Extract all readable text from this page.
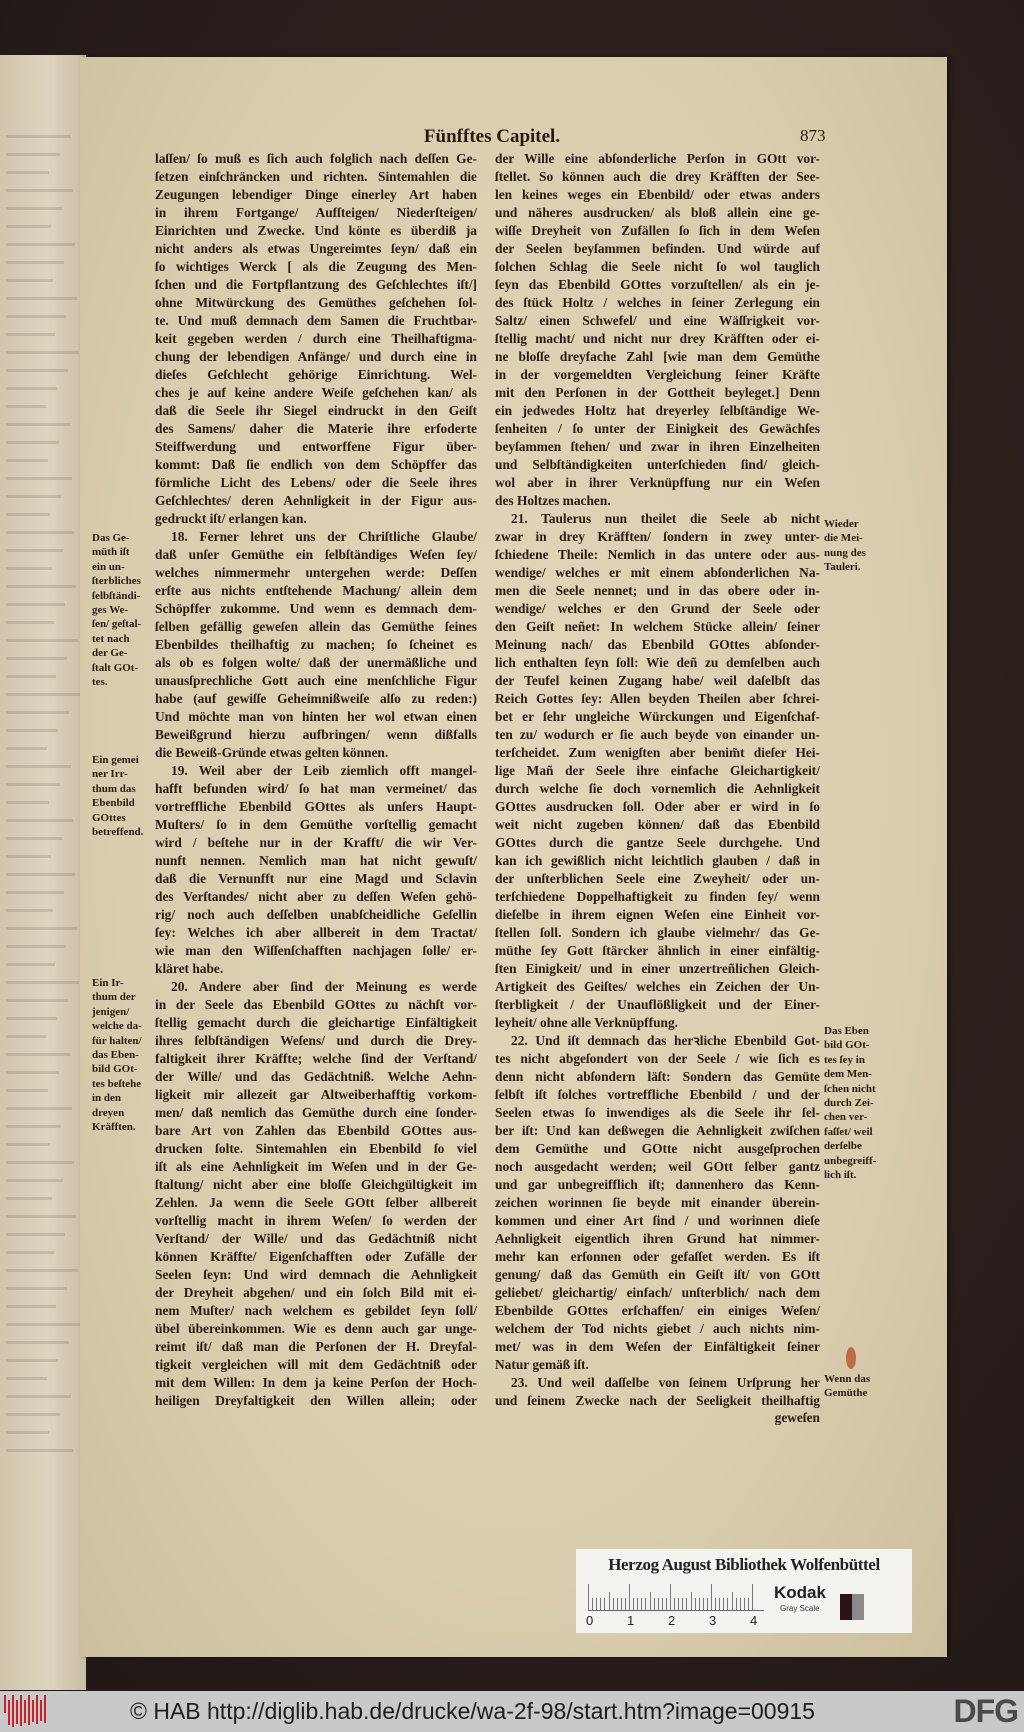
Fünfftes Capitel.	873
laſſen/ ſo muß es ſich auch folglich nach deſſen Ge-
ſetzen einſchräncken und richten. Sintemahlen die
Zeugungen lebendiger Dinge einerley Art haben
in ihrem Fortgange/ Aufſteigen/ Niederſteigen/
Einrichten und Zwecke. Und könte es überdiß ja
nicht anders als etwas Ungereimtes ſeyn/ daß ein
ſo wichtiges Werck [ als die Zeugung des Men-
ſchen und die Fortpflantzung des Geſchlechtes iſt/]
ohne Mitwürckung des Gemüthes geſchehen ſol-
te. Und muß demnach dem Samen die Fruchtbar-
keit gegeben werden / durch eine Theilhaftigma-
chung der lebendigen Anfänge/ und durch eine in
dieſes Geſchlecht gehörige Einrichtung. Wel-
ches je auf keine andere Weiſe geſchehen kan/ als
daß die Seele ihr Siegel eindruckt in den Geiſt
des Samens/ daher die Materie ihre erfoderte
Steiffwerdung und entworffene Figur über-
kommt: Daß ſie endlich von dem Schöpffer das
förmliche Licht des Lebens/ oder die Seele ihres
Geſchlechtes/ deren Aehnligkeit in der Figur aus-
gedruckt iſt/ erlangen kan.
18. Ferner lehret uns der Chriſtliche Glaube/
daß unſer Gemüthe ein ſelbſtändiges Weſen ſey/
welches nimmermehr untergehen werde: Deſſen
erſte aus nichts entſtehende Machung/ allein dem
Schöpffer zukomme. Und wenn es demnach dem-
ſelben gefällig geweſen allein das Gemüthe ſeines
Ebenbildes theilhaftig zu machen; ſo ſcheinet es
als ob es folgen wolte/ daß der unermäßliche und
unausſprechliche Gott auch eine menſchliche Figur
habe (auf gewiſſe Geheimnißweiſe alſo zu reden:)
Und möchte man von hinten her wol etwan einen
Beweißgrund hierzu aufbringen/ wenn dißfalls
die Beweiß-Gründe etwas gelten können.
19. Weil aber der Leib ziemlich offt mangel-
hafft befunden wird/ ſo hat man vermeinet/ das
vortreffliche Ebenbild GOttes als unſers Haupt-
Muſters/ ſo in dem Gemüthe vorſtellig gemacht
wird / beſtehe nur in der Krafft/ die wir Ver-
nunft nennen. Nemlich man hat nicht gewuſt/
daß die Vernunfft nur eine Magd und Sclavin
des Verſtandes/ nicht aber zu deſſen Weſen gehö-
rig/ noch auch deſſelben unabſcheidliche Geſellin
ſey: Welches ich aber allbereit in dem Tractat/
wie man den Wiſſenſchafften nachjagen ſolle/ er-
kläret habe.
20. Andere aber ſind der Meinung es werde
in der Seele das Ebenbild GOttes zu nächſt vor-
ſtellig gemacht durch die gleichartige Einfältigkeit
ihres ſelbſtändigen Weſens/ und durch die Drey-
faltigkeit ihrer Kräffte; welche ſind der Verſtand/
der Wille/ und das Gedächtniß. Welche Aehn-
ligkeit mir allezeit gar Altweiberhafftig vorkom-
men/ daß nemlich das Gemüthe durch eine ſonder-
bare Art von Zahlen das Ebenbild GOttes aus-
drucken ſolte. Sintemahlen ein Ebenbild ſo viel
iſt als eine Aehnligkeit im Weſen und in der Ge-
ſtaltung/ nicht aber eine bloſſe Gleichgültigkeit im
Zehlen. Ja wenn die Seele GOtt ſelber allbereit
vorſtellig macht in ihrem Weſen/ ſo werden der
Verſtand/ der Wille/ und das Gedächtniß nicht
können Kräffte/ Eigenſchafften oder Zufälle der
Seelen ſeyn: Und wird demnach die Aehnligkeit
der Dreyheit abgehen/ und ein ſolch Bild mit ei-
nem Muſter/ nach welchem es gebildet ſeyn ſoll/
übel übereinkommen. Wie es denn auch gar unge-
reimt iſt/ daß man die Perſonen der H. Dreyfal-
tigkeit vergleichen will mit dem Gedächtniß oder
mit dem Willen: In dem ja keine Perſon der Hoch-
heiligen Dreyfaltigkeit den Willen allein; oder
der Wille eine abſonderliche Perſon in GOtt vor-
ſtellet. So können auch die drey Kräfften der See-
len keines weges ein Ebenbild/ oder etwas anders
und näheres ausdrucken/ als bloß allein eine ge-
wiſſe Dreyheit von Zufällen ſo ſich in dem Weſen
der Seelen beyſammen befinden. Und würde auf
ſolchen Schlag die Seele nicht ſo wol tauglich
ſeyn das Ebenbild GOttes vorzuſtellen/ als ein je-
des ſtück Holtz / welches in ſeiner Zerlegung ein
Saltz/ einen Schwefel/ und eine Wäſſrigkeit vor-
ſtellig macht/ und nicht nur drey Kräfften oder ei-
ne bloſſe dreyfache Zahl [wie man dem Gemüthe
in der vorgemeldten Vergleichung ſeiner Kräfte
mit den Perſonen in der Gottheit beyleget.] Denn
ein jedwedes Holtz hat dreyerley ſelbſtändige We-
ſenheiten / ſo unter der Einigkeit des Gewächſes
beyſammen ſtehen/ und zwar in ihren Einzelheiten
und Selbſtändigkeiten unterſchieden ſind/ gleich-
wol aber in ihrer Verknüpffung nur ein Weſen
des Holtzes machen.
21. Taulerus nun theilet die Seele ab nicht
zwar in drey Kräfften/ ſondern in zwey unter-
ſchiedene Theile: Nemlich in das untere oder aus-
wendige/ welches er mit einem abſonderlichen Na-
men die Seele nennet; und in das obere oder in-
wendige/ welches er den Grund der Seele oder
den Geiſt neñet: In welchem Stücke allein/ ſeiner
Meinung nach/ das Ebenbild GOttes abſonder-
lich enthalten ſeyn ſoll: Wie deñ zu demſelben auch
der Teufel keinen Zugang habe/ weil daſelbſt das
Reich Gottes ſey: Allen beyden Theilen aber ſchrei-
bet er ſehr ungleiche Würckungen und Eigenſchaf-
ten zu/ wodurch er ſie auch beyde von einander un-
terſcheidet. Zum wenigſten aber benim̃t dieſer Hei-
lige Mañ der Seele ihre einfache Gleichartigkeit/
durch welche ſie doch vornemlich die Aehnligkeit
GOttes ausdrucken ſoll. Oder aber er wird in ſo
weit nicht zugeben können/ daß das Ebenbild
GOttes durch die gantze Seele durchgehe. Und
kan ich gewißlich nicht leichtlich glauben / daß in
der unſterblichen Seele eine Zweyheit/ oder un-
terſchiedene Doppelhaftigkeit zu finden ſey/ wenn
dieſelbe in ihrem eignen Weſen eine Einheit vor-
ſtellen ſoll. Sondern ich glaube vielmehr/ das Ge-
müthe ſey Gott ſtärcker ähnlich in einer einfältig-
ſten Einigkeit/ und in einer unzertreñlichen Gleich-
Artigkeit des Geiſtes/ welches ein Zeichen der Un-
ſterbligkeit / der Unauflößligkeit und der Einer-
leyheit/ ohne alle Verknüpffung.
22. Und iſt demnach das herꝛliche Ebenbild Got-
tes nicht abgeſondert von der Seele / wie ſich es
denn nicht abſondern läſt: Sondern das Gemüte
ſelbſt iſt ſolches vortreffliche Ebenbild / und der
Seelen etwas ſo inwendiges als die Seele ihr ſel-
ber iſt: Und kan deßwegen die Aehnligkeit zwiſchen
dem Gemüthe und GOtte nicht ausgeſprochen
noch ausgedacht werden; weil GOtt ſelber gantz
und gar unbegreifflich iſt; dannenhero das Kenn-
zeichen worinnen ſie beyde mit einander überein-
kommen und einer Art ſind / und worinnen dieſe
Aehnligkeit eigentlich ihren Grund hat nimmer-
mehr kan erſonnen oder gefaſſet werden. Es iſt
genung/ daß das Gemüth ein Geiſt iſt/ von GOtt
geliebet/ gleichartig/ einfach/ unſterblich/ nach dem
Ebenbilde GOttes erſchaffen/ ein einiges Weſen/
welchem der Tod nichts giebet / auch nichts nim-
met/ was in dem Weſen der Einfältigkeit ſeiner
Natur gemäß iſt.
23. Und weil daſſelbe von ſeinem Urſprung her
und ſeinem Zwecke nach der Seeligkeit theilhaftig
geweſen
Das Ge-
müth iſt
ein un-
ſterbliches
ſelbſtändi-
ges We-
ſen/ geſtal-
tet nach
der Ge-
ſtalt GOt-
tes.
Ein gemei
ner Irr-
thum das
Ebenbild
GOttes
betreffend.
Ein Ir-
thum der
jenigen/
welche da-
für halten/
das Eben-
bild GOt-
tes beſtehe
in den
dreyen
Kräfften.
Wieder
die Mei-
nung des
Tauleri.
Das Eben
bild GOt-
tes ſey in
dem Men-
ſchen nicht
durch Zei-
chen ver-
faſſet/ weil
derſelbe
unbegreiff-
lich iſt.
Wenn das
Gemüthe
Herzog August Bibliothek Wolfenbüttel
0	1	2	3	4
Kodak
Gray Scale
© HAB http://diglib.hab.de/drucke/wa-2f-98/start.htm?image=00915	DFG
